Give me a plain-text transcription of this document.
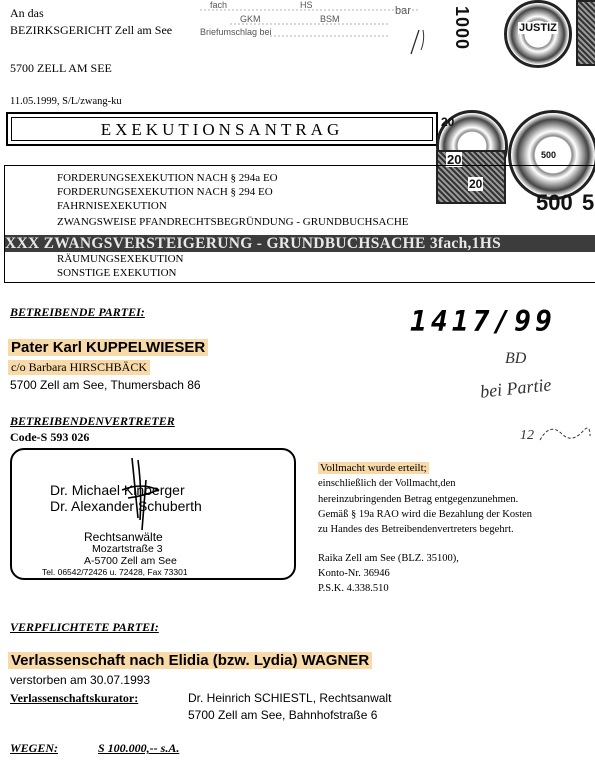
An das
BEZIRKSGERICHT Zell am See
5700 ZELL AM SEE
fach	HS	bar
GKM	BSM
Briefumschlag bei	1000	JUSTIZ
11.05.1999, S/L/zwang-ku
EXEKUTIONSANTRAG	20
20
20
500
500 5
FORDERUNGSEXEKUTION NACH § 294a EO
FORDERUNGSEXEKUTION NACH § 294 EO
FAHRNISEXEKUTION
ZWANGSWEISE PFANDRECHTSBEGRÜNDUNG - GRUNDBUCHSACHE
XXX ZWANGSVERSTEIGERUNG - GRUNDBUCHSACHE 3fach,1HS
RÄUMUNGSEXEKUTION
SONSTIGE EXEKUTION
BETREIBENDE PARTEI:
Pater Karl KUPPELWIESER
c/o Barbara HIRSCHBÄCK
5700 Zell am See, Thumersbach 86
1417/99
BD
bei Partie
12
BETREIBENDENVERTRETER
Code-S 593 026
Dr. Michael Kinberger
Dr. Alexander Schuberth
Rechtsanwälte
Mozartstraße 3
A-5700 Zell am See
Tel. 06542/72426 u. 72428, Fax 73301
Vollmacht wurde erteilt;
einschließlich der Vollmacht,den
hereinzubringenden Betrag entgegenzunehmen.
Gemäß § 19a RAO wird die Bezahlung der Kosten
zu Handes des Betreibendenvertreters begehrt.
Raika Zell am See (BLZ. 35100),
Konto-Nr. 36946
P.S.K. 4.338.510
VERPFLICHTETE PARTEI:
Verlassenschaft nach Elidia (bzw. Lydia) WAGNER
verstorben am 30.07.1993
Verlassenschaftskurator:	Dr. Heinrich SCHIESTL, Rechtsanwalt
5700 Zell am See, Bahnhofstraße 6
WEGEN:	S 100.000,-- s.A.
